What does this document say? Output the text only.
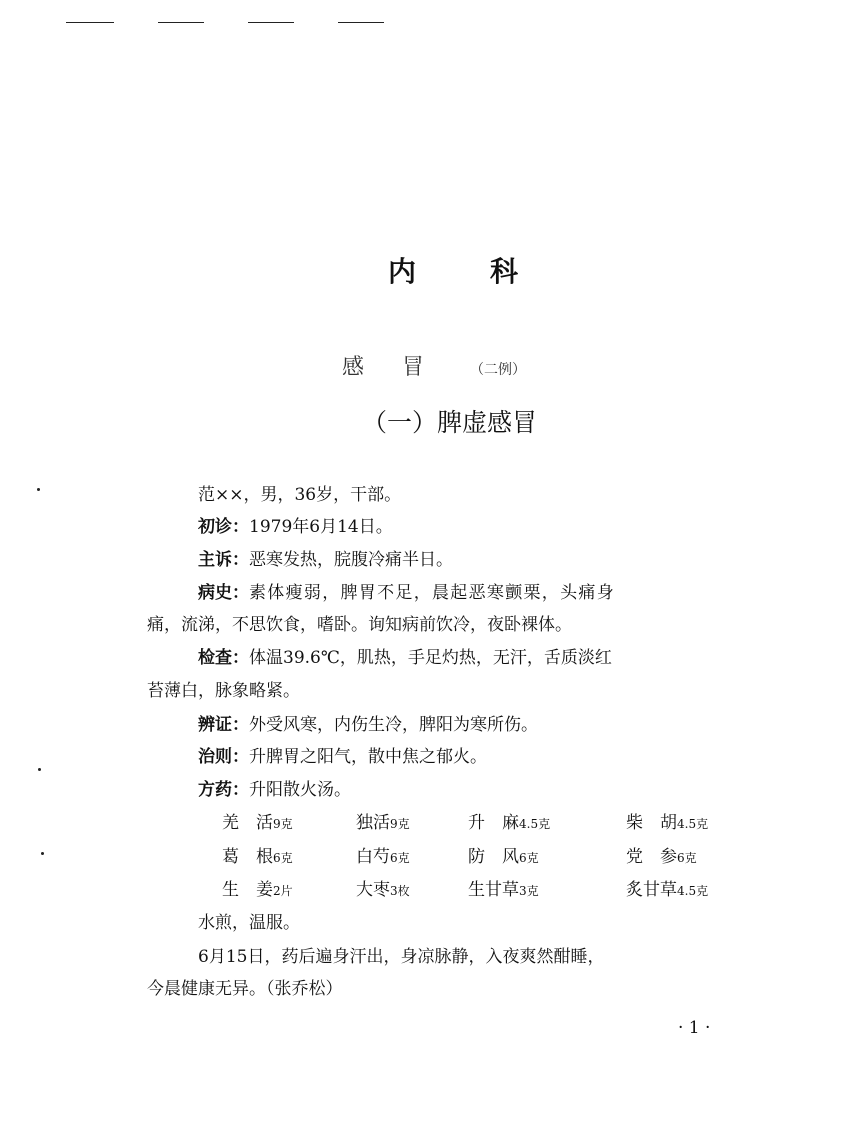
内	科
感冒 （二例）
（一）脾虚感冒
范××，男，36岁，干部。
初诊：1979年6月14日。
主诉：恶寒发热，脘腹冷痛半日。
病史：素体瘦弱，脾胃不足，晨起恶寒颤栗，头痛身
痛，流涕，不思饮食，嗜卧。询知病前饮冷，夜卧裸体。
检查：体温39.6℃，肌热，手足灼热，无汗，舌质淡红
苔薄白，脉象略紧。
辨证：外受风寒，内伤生冷，脾阳为寒所伤。
治则：升脾胃之阳气，散中焦之郁火。
方药：升阳散火汤。
羌　活9克	独活9克	升　麻4.5克	柴　胡4.5克
葛　根6克	白芍6克	防　风6克	党　参6克
生　姜2片	大枣3枚	生甘草3克	炙甘草4.5克
水煎，温服。
6月15日，药后遍身汗出，身凉脉静，入夜爽然酣睡，
今晨健康无异。（张乔松）
· 1 ·
